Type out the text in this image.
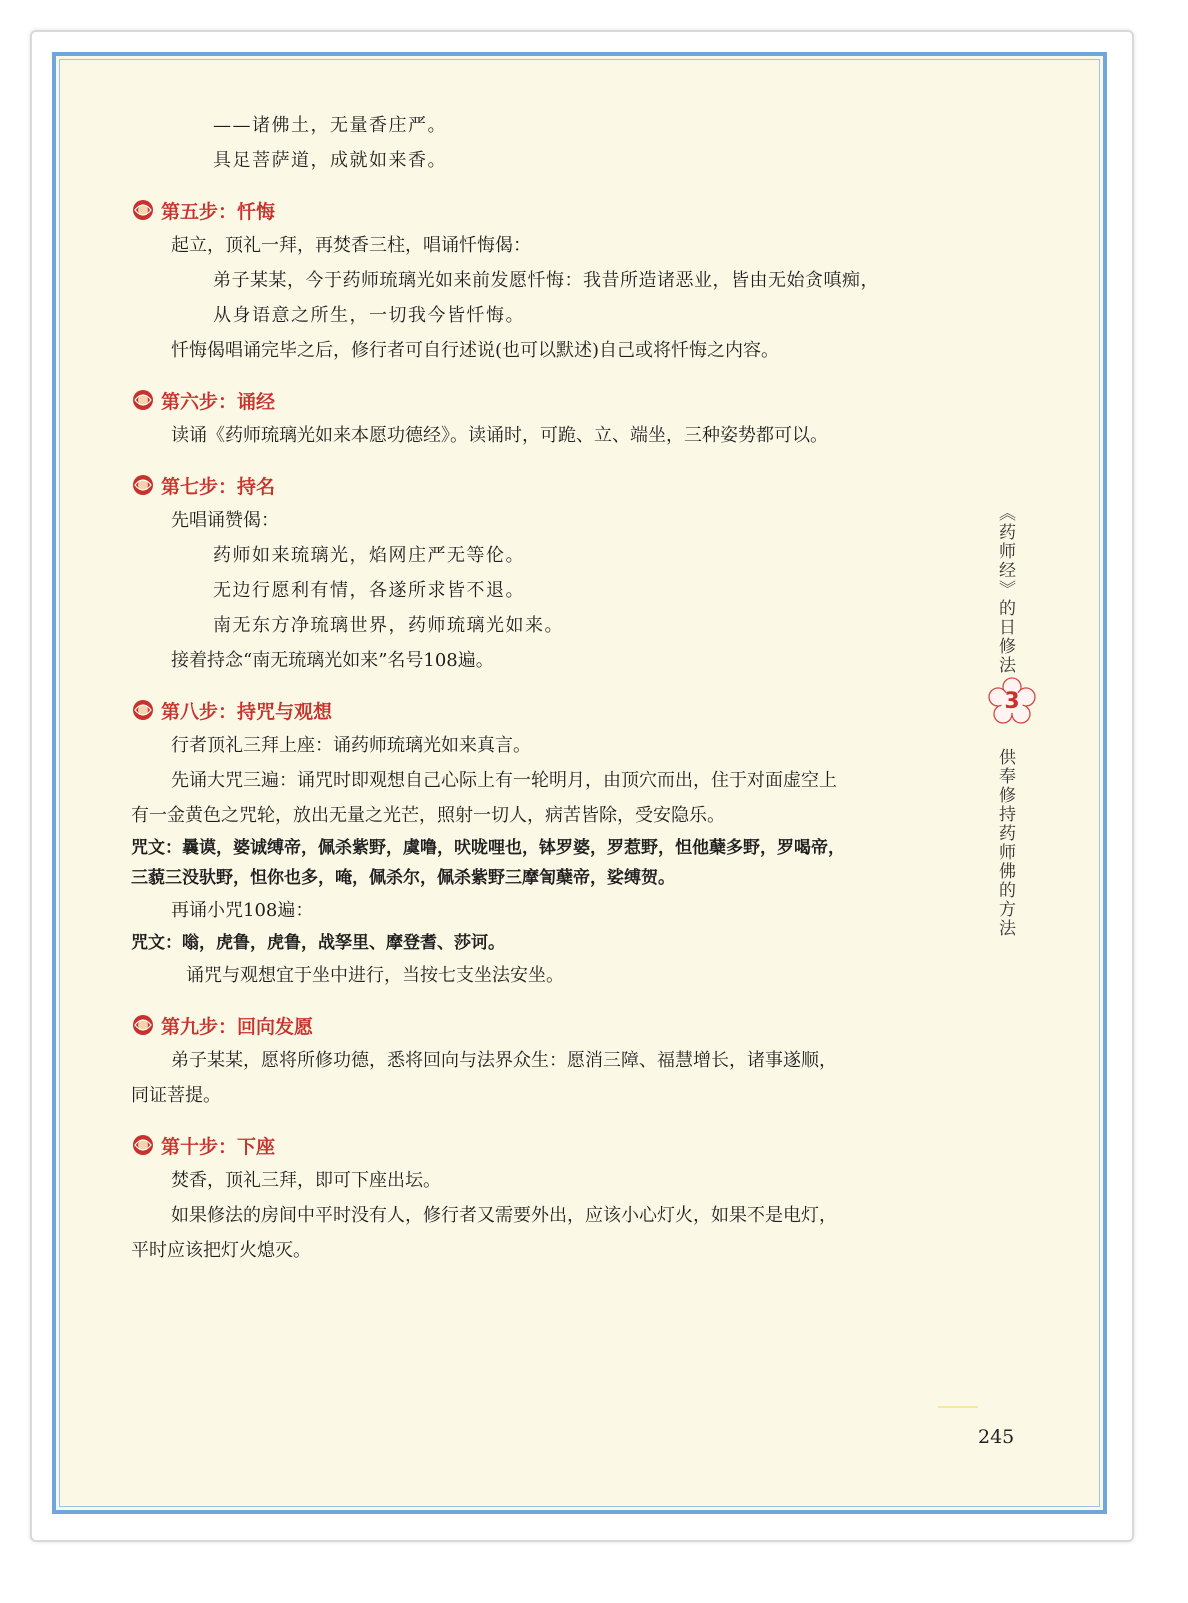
——诸佛土，无量香庄严。
具足菩萨道，成就如来香。
第五步：忏悔
起立，顶礼一拜，再焚香三柱，唱诵忏悔偈：
弟子某某，今于药师琉璃光如来前发愿忏悔：我昔所造诸恶业，皆由无始贪嗔痴，
从身语意之所生，一切我今皆忏悔。
忏悔偈唱诵完毕之后，修行者可自行述说(也可以默述)自己或将忏悔之内容。
第六步：诵经
读诵《药师琉璃光如来本愿功德经》。读诵时，可跪、立、端坐，三种姿势都可以。
第七步：持名
先唱诵赞偈：
药师如来琉璃光，焰网庄严无等伦。
无边行愿利有情，各遂所求皆不退。
南无东方净琉璃世界，药师琉璃光如来。
接着持念“南无琉璃光如来”名号108遍。
第八步：持咒与观想
行者顶礼三拜上座：诵药师琉璃光如来真言。
先诵大咒三遍：诵咒时即观想自己心际上有一轮明月，由顶穴而出，住于对面虚空上
有一金黄色之咒轮，放出无量之光芒，照射一切人，病苦皆除，受安隐乐。
咒文：曩谟，婆诚缚帝，佩杀紫野，虞噜，吠咙哩也，钵罗婆，罗惹野，怛他蘖多野，罗喝帝，
三藐三没驮野，怛你也多，唵，佩杀尔，佩杀紫野三摩訇蘖帝，娑缚贺。
再诵小咒108遍：
咒文：嗡，虎鲁，虎鲁，战孥里、摩登耆、莎诃。
诵咒与观想宜于坐中进行，当按七支坐法安坐。
第九步：回向发愿
弟子某某，愿将所修功德，悉将回向与法界众生：愿消三障、福慧增长，诸事遂顺，
同证菩提。
第十步：下座
焚香，顶礼三拜，即可下座出坛。
如果修法的房间中平时没有人，修行者又需要外出，应该小心灯火，如果不是电灯，
平时应该把灯火熄灭。
《药师经》的日修法
3
供奉修持药师佛的方法
245
